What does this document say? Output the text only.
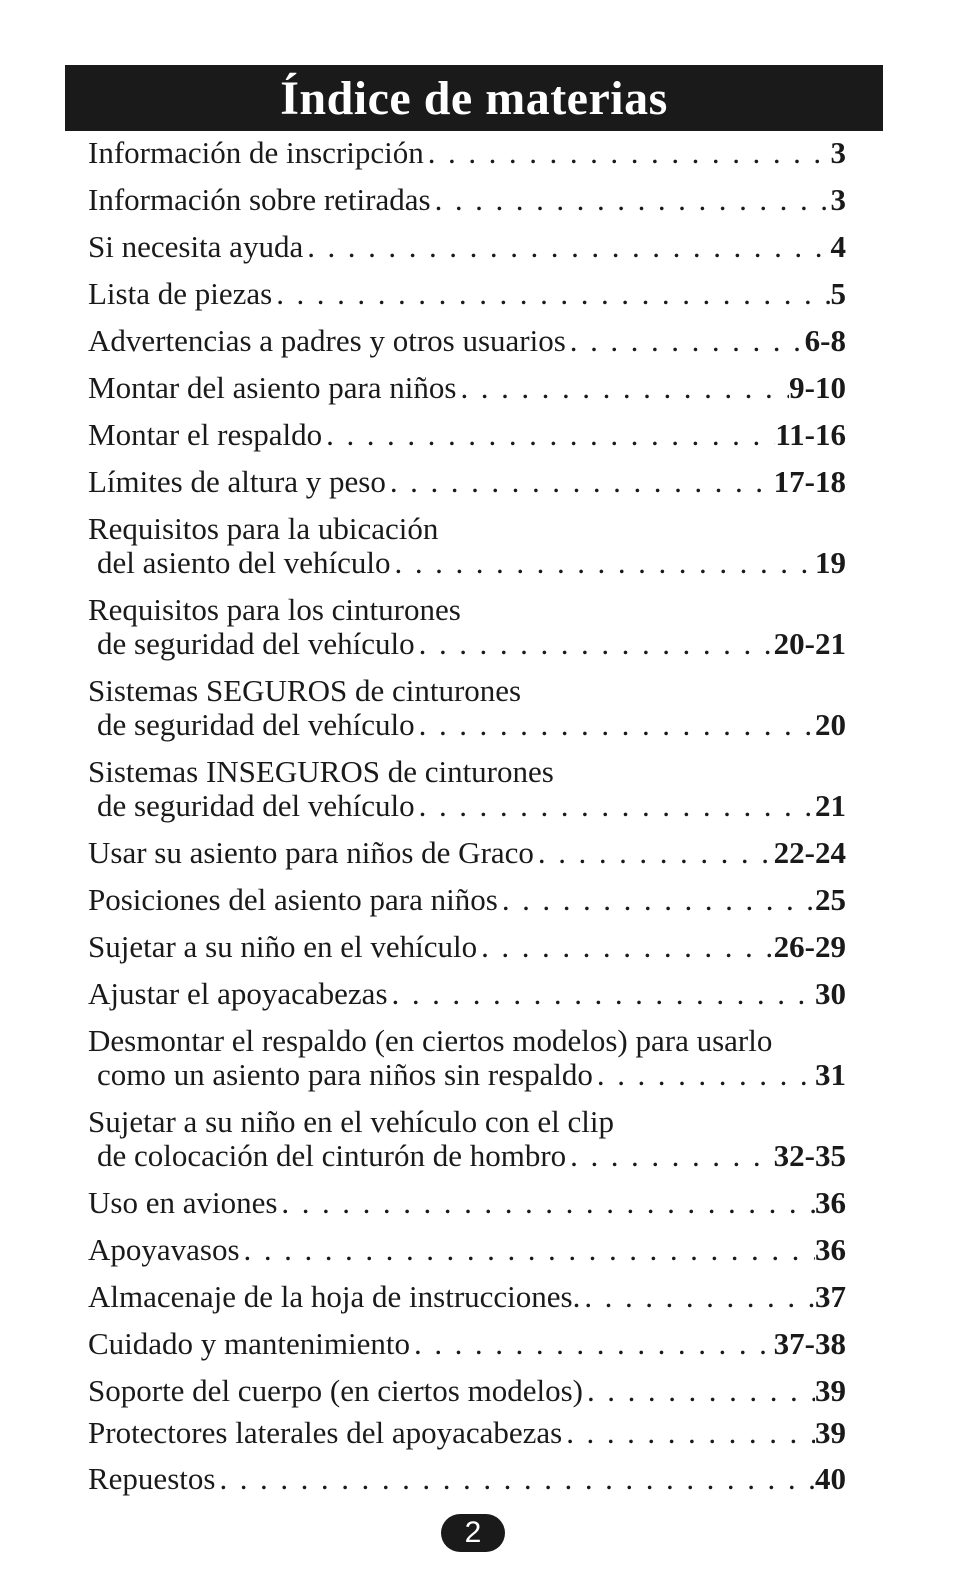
Índice de materias
Información de inscripción . . .	3
Información sobre retiradas . . .	3
Si necesita ayuda . . .	4
Lista de piezas . . .	5
Advertencias a padres y otros usuarios . . .	6-8
Montar del asiento para niños . . .	9-10
Montar el respaldo . . .	11-16
Límites de altura y peso . . .	17-18
Requisitos para la ubicación
del asiento del vehículo . . .	19
Requisitos para los cinturones
de seguridad del vehículo . . .	20-21
Sistemas SEGUROS de cinturones
de seguridad del vehículo . . .	20
Sistemas INSEGUROS de cinturones
de seguridad del vehículo . . .	21
Usar su asiento para niños de Graco . . .	22-24
Posiciones del asiento para niños . . .	25
Sujetar a su niño en el vehículo . . .	26-29
Ajustar el apoyacabezas . . .	30
Desmontar el respaldo (en ciertos modelos) para usarlo
como un asiento para niños sin respaldo . . .	31
Sujetar a su niño en el vehículo con el clip
de colocación del cinturón de hombro . . .	32-35
Uso en aviones . . .	36
Apoyavasos . . .	36
Almacenaje de la hoja de instrucciones. . . .	37
Cuidado y mantenimiento . . .	37-38
Soporte del cuerpo (en ciertos modelos) . . .	39
Protectores laterales del apoyacabezas . . .	39
Repuestos . . .	40
2
